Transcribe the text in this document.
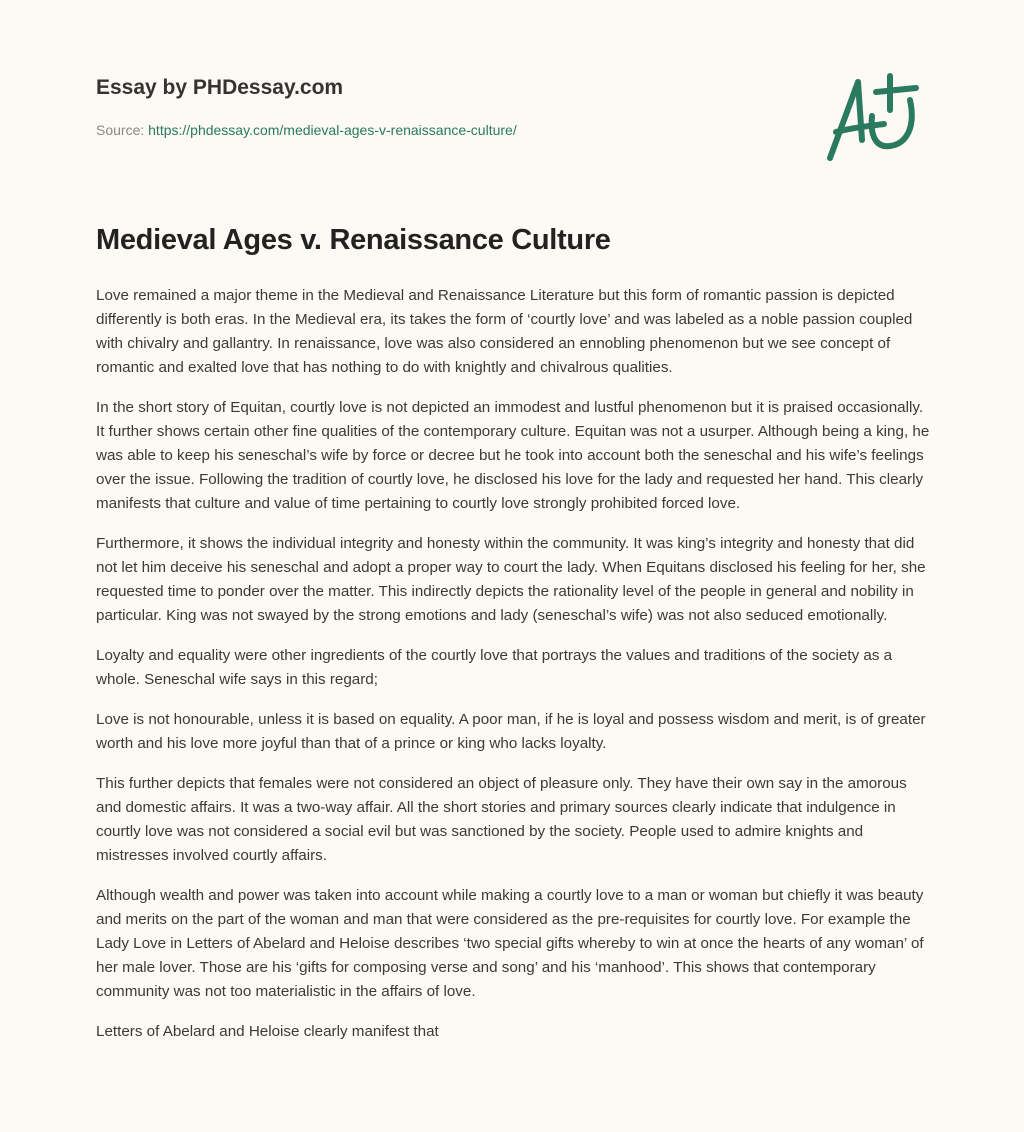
Essay by PHDessay.com
Source: https://phdessay.com/medieval-ages-v-renaissance-culture/
Medieval Ages v. Renaissance Culture

Love remained a major theme in the Medieval and Renaissance Literature but this form of romantic passion is depicted differently is both eras. In the Medieval era, its takes the form of ‘courtly love’ and was labeled as a noble passion coupled with chivalry and gallantry. In renaissance, love was also considered an ennobling phenomenon but we see concept of romantic and exalted love that has nothing to do with knightly and chivalrous qualities.

In the short story of Equitan, courtly love is not depicted an immodest and lustful phenomenon but it is praised occasionally. It further shows certain other fine qualities of the contemporary culture. Equitan was not a usurper. Although being a king, he was able to keep his seneschal’s wife by force or decree but he took into account both the seneschal and his wife’s feelings over the issue. Following the tradition of courtly love, he disclosed his love for the lady and requested her hand. This clearly manifests that culture and value of time pertaining to courtly love strongly prohibited forced love.

Furthermore, it shows the individual integrity and honesty within the community. It was king’s integrity and honesty that did not let him deceive his seneschal and adopt a proper way to court the lady. When Equitans disclosed his feeling for her, she requested time to ponder over the matter. This indirectly depicts the rationality level of the people in general and nobility in particular. King was not swayed by the strong emotions and lady (seneschal’s wife) was not also seduced emotionally.

Loyalty and equality were other ingredients of the courtly love that portrays the values and traditions of the society as a whole. Seneschal wife says in this regard;

Love is not honourable, unless it is based on equality. A poor man, if he is loyal and possess wisdom and merit, is of greater worth and his love more joyful than that of a prince or king who lacks loyalty.

This further depicts that females were not considered an object of pleasure only. They have their own say in the amorous and domestic affairs. It was a two-way affair. All the short stories and primary sources clearly indicate that indulgence in courtly love was not considered a social evil but was sanctioned by the society. People used to admire knights and mistresses involved courtly affairs.

Although wealth and power was taken into account while making a courtly love to a man or woman but chiefly it was beauty and merits on the part of the woman and man that were considered as the pre-requisites for courtly love. For example the Lady Love in Letters of Abelard and Heloise describes ‘two special gifts whereby to win at once the hearts of any woman’ of her male lover. Those are his ‘gifts for composing verse and song’ and his ‘manhood’. This shows that contemporary community was not too materialistic in the affairs of love.

Letters of Abelard and Heloise clearly manifest that
